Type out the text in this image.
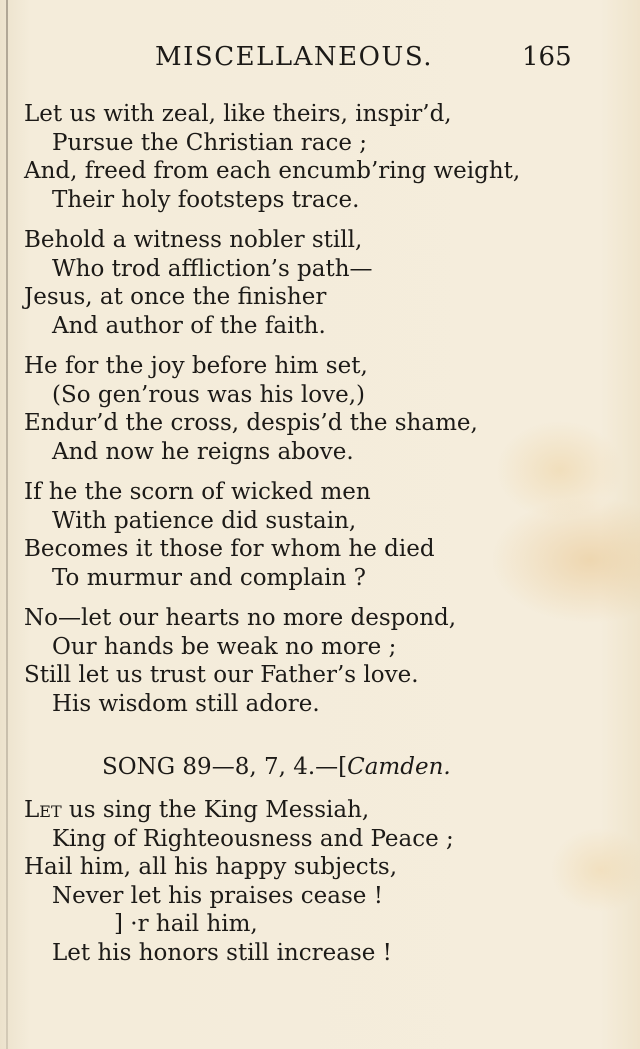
MISCELLANEOUS.	165
Let us with zeal, like theirs, inspir’d,
Pursue the Christian race ;
And, freed from each encumb’ring weight,
Their holy footsteps trace.
Behold a witness nobler still,
Who trod affliction’s path—
Jesus, at once the finisher
And author of the faith.
He for the joy before him set,
(So gen’rous was his love,)
Endur’d the cross, despis’d the shame,
And now he reigns above.
If he the scorn of wicked men
With patience did sustain,
Becomes it those for whom he died
To murmur and complain ?
No—let our hearts no more despond,
Our hands be weak no more ;
Still let us trust our Father’s love.
His wisdom still adore.
SONG 89—8, 7, 4.—[Camden.
Let us sing the King Messiah,
King of Righteousness and Peace ;
Hail him, all his happy subjects,
Never let his praises cease !
] ·r hail him,
Let his honors still increase !
